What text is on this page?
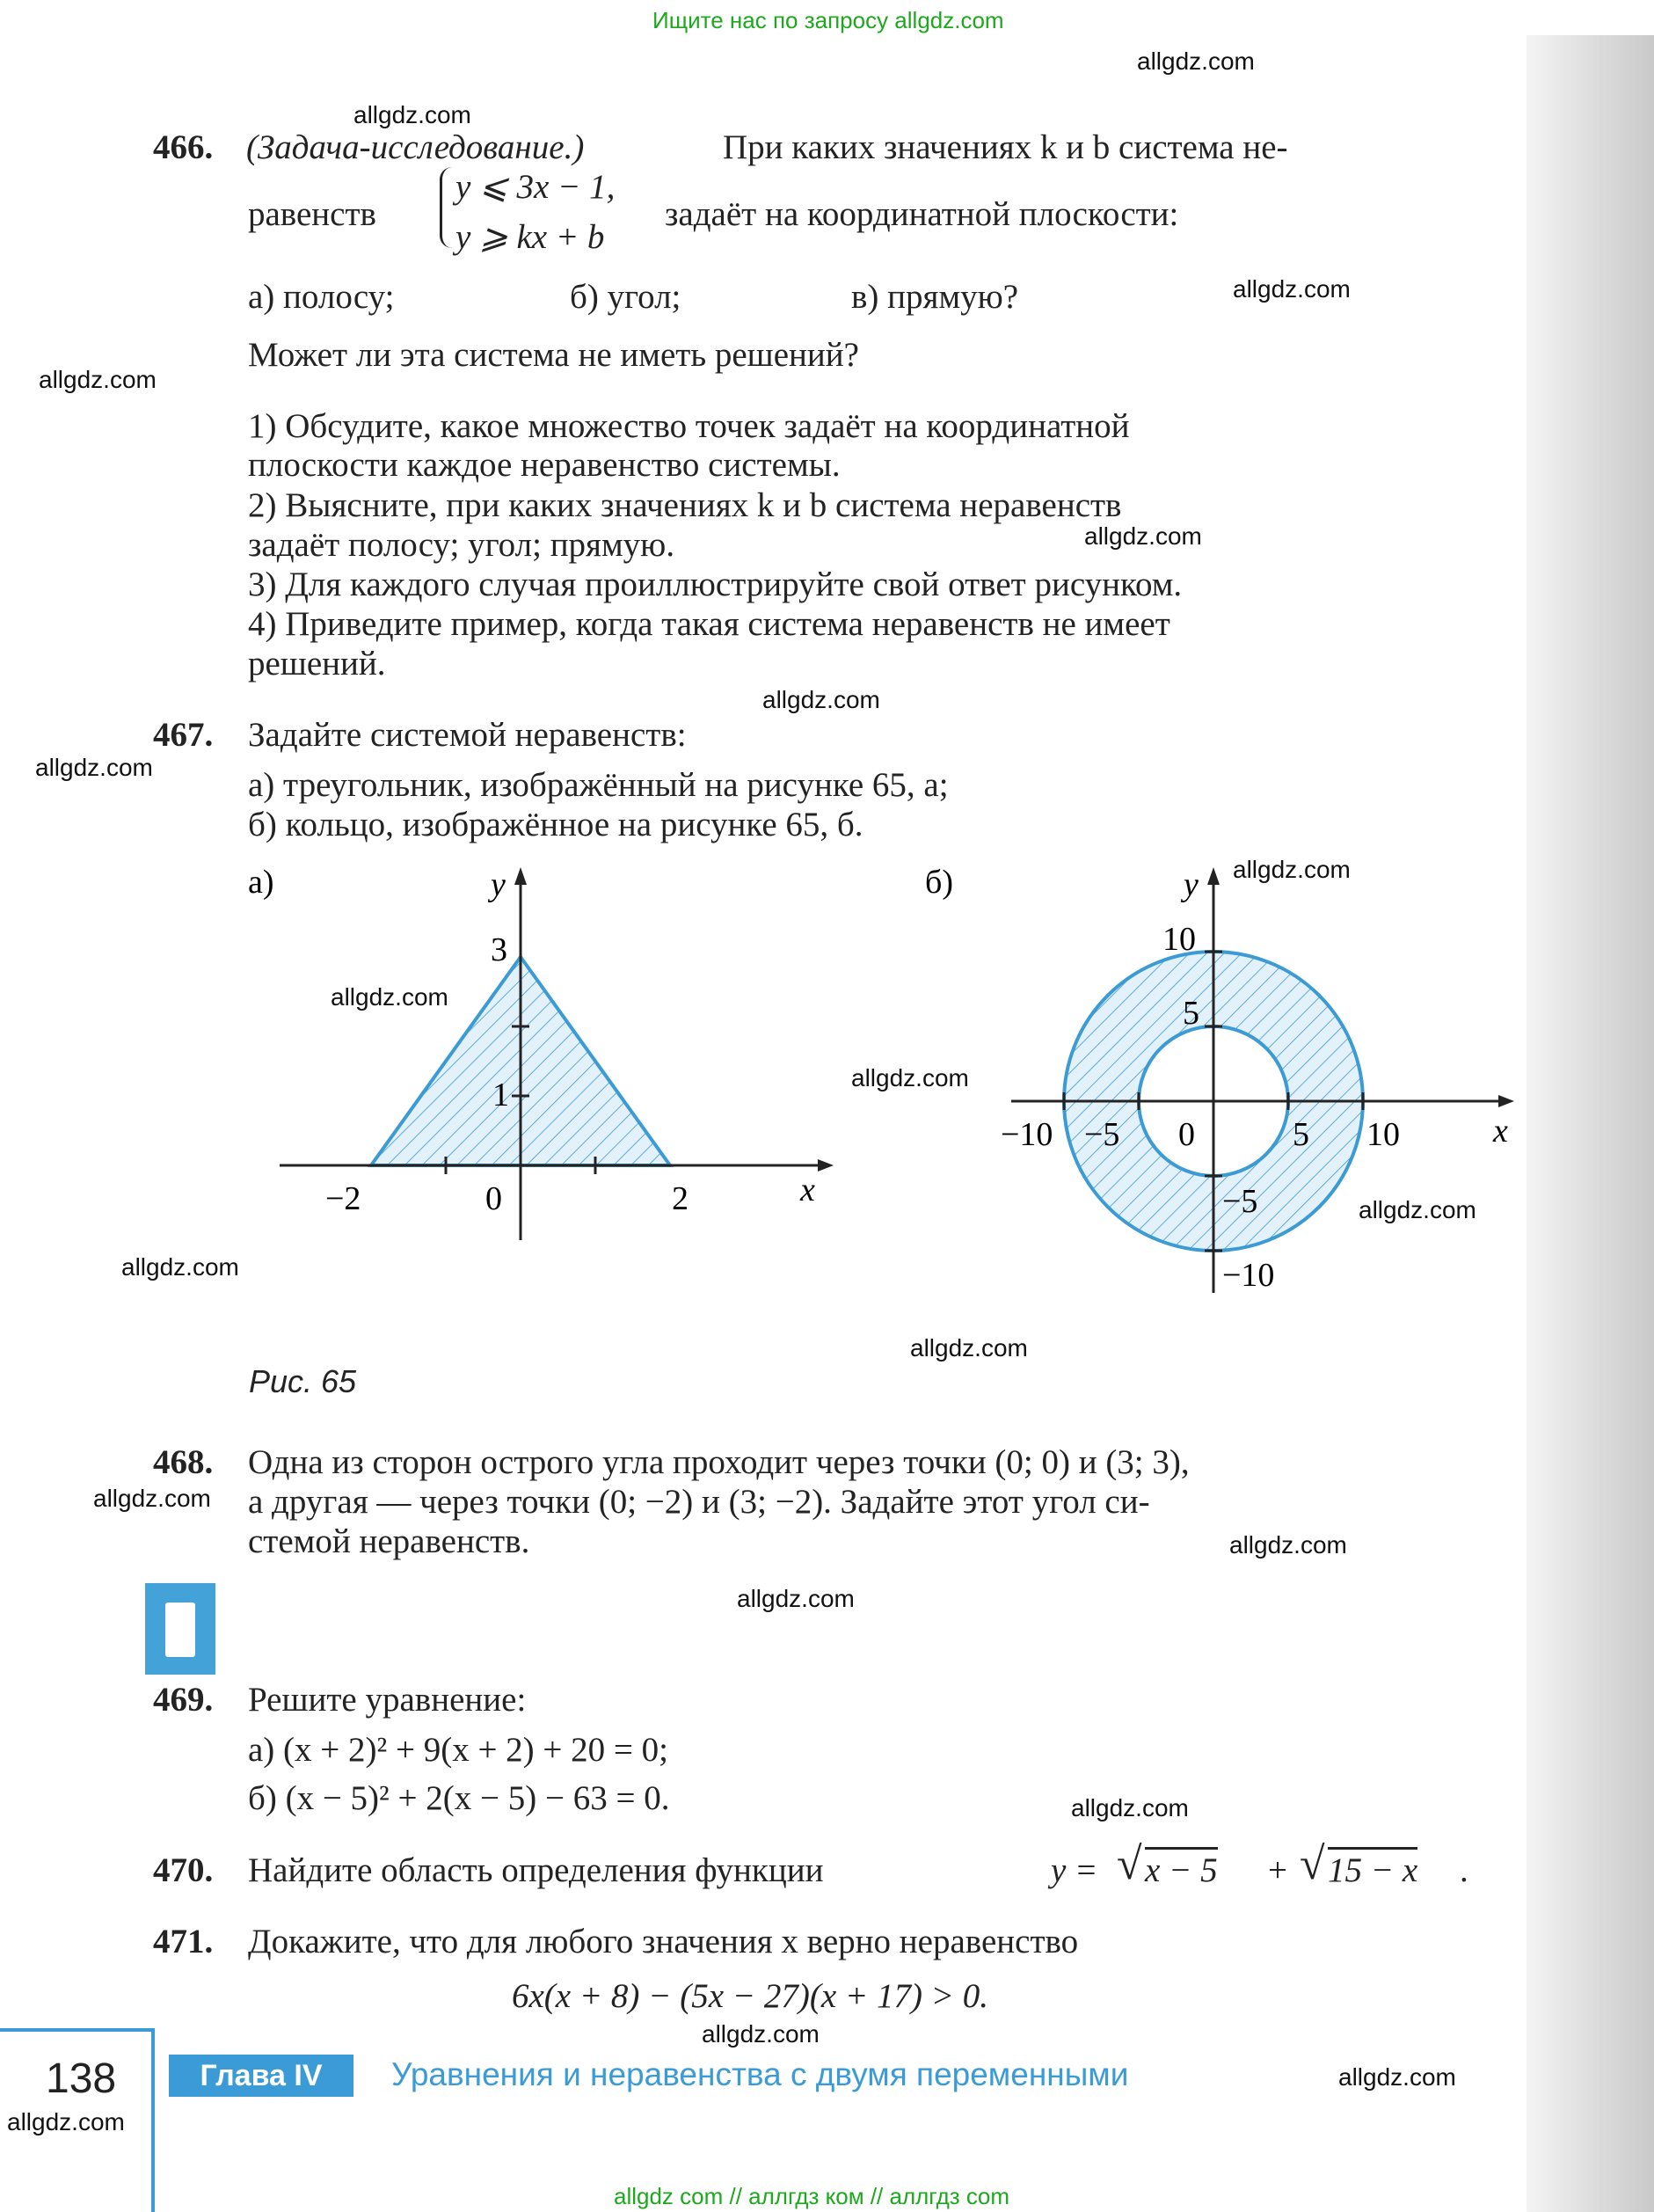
Ищите нас по запросу allgdz.com
allgdz com // аллгдз ком // аллгдз com
allgdz.com
allgdz.com
allgdz.com
allgdz.com
allgdz.com
allgdz.com
allgdz.com
allgdz.com
allgdz.com
allgdz.com
allgdz.com
allgdz.com
allgdz.com
allgdz.com
allgdz.com
allgdz.com
allgdz.com
allgdz.com
allgdz.com
allgdz.com
466. (Задача-исследование.)	При каких значениях k и b система не-
равенств
y ⩽ 3x − 1,
y ⩾ kx + b
задаёт на координатной плоскости:
а) полосу;	б) угол;	в) прямую?
Может ли эта система не иметь решений?
1) Обсудите, какое множество точек задаёт на координатной
плоскости каждое неравенство системы.
2) Выясните, при каких значениях k и b система неравенств
задаёт полосу; угол; прямую.
3) Для каждого случая проиллюстрируйте свой ответ рисунком.
4) Приведите пример, когда такая система неравенств не имеет
решений.
467. Задайте системой неравенств:
а) треугольник, изображённый на рисунке 65, а;
б) кольцо, изображённое на рисунке 65, б.
а)
x
y
−2	0	2
1
3
б)
x
y
−10 −5 0	5 10
10
5
−5
−10
Рис. 65
468. Одна из сторон острого угла проходит через точки (0; 0) и (3; 3),
а другая — через точки (0; −2) и (3; −2). Задайте этот угол си-
стемой неравенств.
469. Решите уравнение:
а) (x + 2)² + 9(x + 2) + 20 = 0;
б) (x − 5)² + 2(x − 5) − 63 = 0.
470. Найдите область определения функции	y = √ x − 5 + √ 15 − x .
471. Докажите, что для любого значения x верно неравенство
6x(x + 8) − (5x − 27)(x + 17) > 0.
138	Глава IV	Уравнения и неравенства с двумя переменными
